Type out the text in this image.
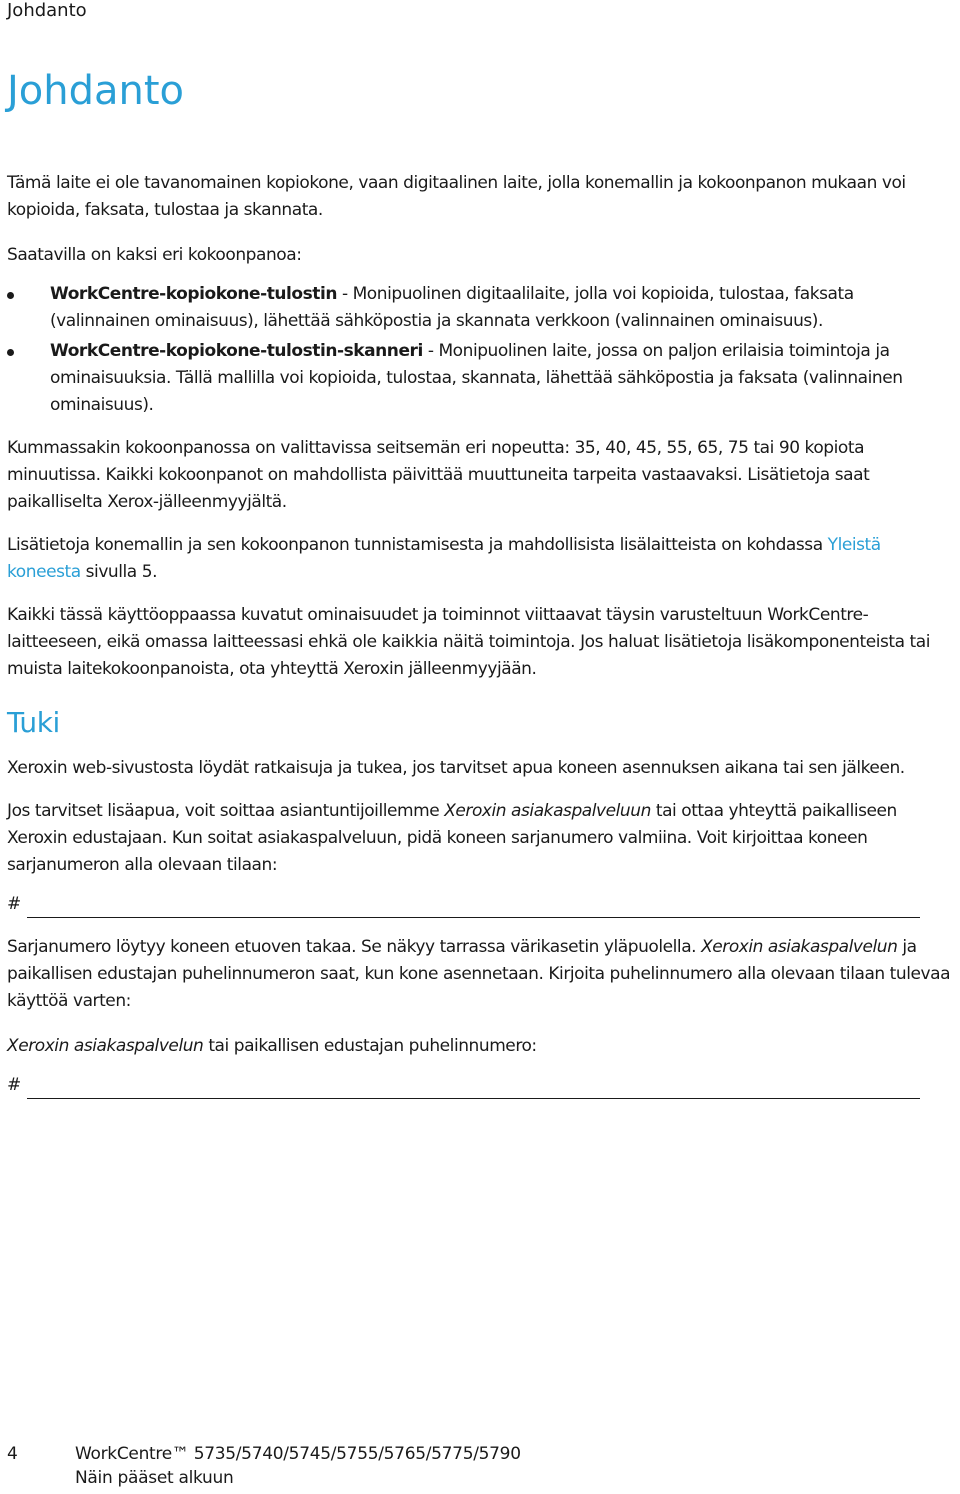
Johdanto
Johdanto

Tämä laite ei ole tavanomainen kopiokone, vaan digitaalinen laite, jolla konemallin ja kokoonpanon mukaan voi kopioida, faksata, tulostaa ja skannata.

Saatavilla on kaksi eri kokoonpanoa:

WorkCentre-kopiokone-tulostin - Monipuolinen digitaalilaite, jolla voi kopioida, tulostaa, faksata (valinnainen ominaisuus), lähettää sähköpostia ja skannata verkkoon (valinnainen ominaisuus).
WorkCentre-kopiokone-tulostin-skanneri - Monipuolinen laite, jossa on paljon erilaisia toimintoja ja ominaisuuksia. Tällä mallilla voi kopioida, tulostaa, skannata, lähettää sähköpostia ja faksata (valinnainen ominaisuus).

Kummassakin kokoonpanossa on valittavissa seitsemän eri nopeutta: 35, 40, 45, 55, 65, 75 tai 90 kopiota minuutissa. Kaikki kokoonpanot on mahdollista päivittää muuttuneita tarpeita vastaavaksi. Lisätietoja saat paikalliselta Xerox-jälleenmyyjältä.

Lisätietoja konemallin ja sen kokoonpanon tunnistamisesta ja mahdollisista lisälaitteista on kohdassa Yleistä koneesta sivulla 5.

Kaikki tässä käyttöoppaassa kuvatut ominaisuudet ja toiminnot viittaavat täysin varusteltuun WorkCentre-laitteeseen, eikä omassa laitteessasi ehkä ole kaikkia näitä toimintoja. Jos haluat lisätietoja lisäkomponenteista tai muista laitekokoonpanoista, ota yhteyttä Xeroxin jälleenmyyjään.

Tuki

Xeroxin web-sivustosta löydät ratkaisuja ja tukea, jos tarvitset apua koneen asennuksen aikana tai sen jälkeen.

Jos tarvitset lisäapua, voit soittaa asiantuntijoillemme Xeroxin asiakaspalveluun tai ottaa yhteyttä paikalliseen Xeroxin edustajaan. Kun soitat asiakaspalveluun, pidä koneen sarjanumero valmiina. Voit kirjoittaa koneen sarjanumeron alla olevaan tilaan:

#

Sarjanumero löytyy koneen etuoven takaa. Se näkyy tarrassa värikasetin yläpuolella. Xeroxin asiakaspalvelun ja paikallisen edustajan puhelinnumeron saat, kun kone asennetaan. Kirjoita puhelinnumero alla olevaan tilaan tulevaa käyttöä varten:

Xeroxin asiakaspalvelun tai paikallisen edustajan puhelinnumero:

#
4	WorkCentre™ 5735/5740/5745/5755/5765/5775/5790
Näin pääset alkuun
